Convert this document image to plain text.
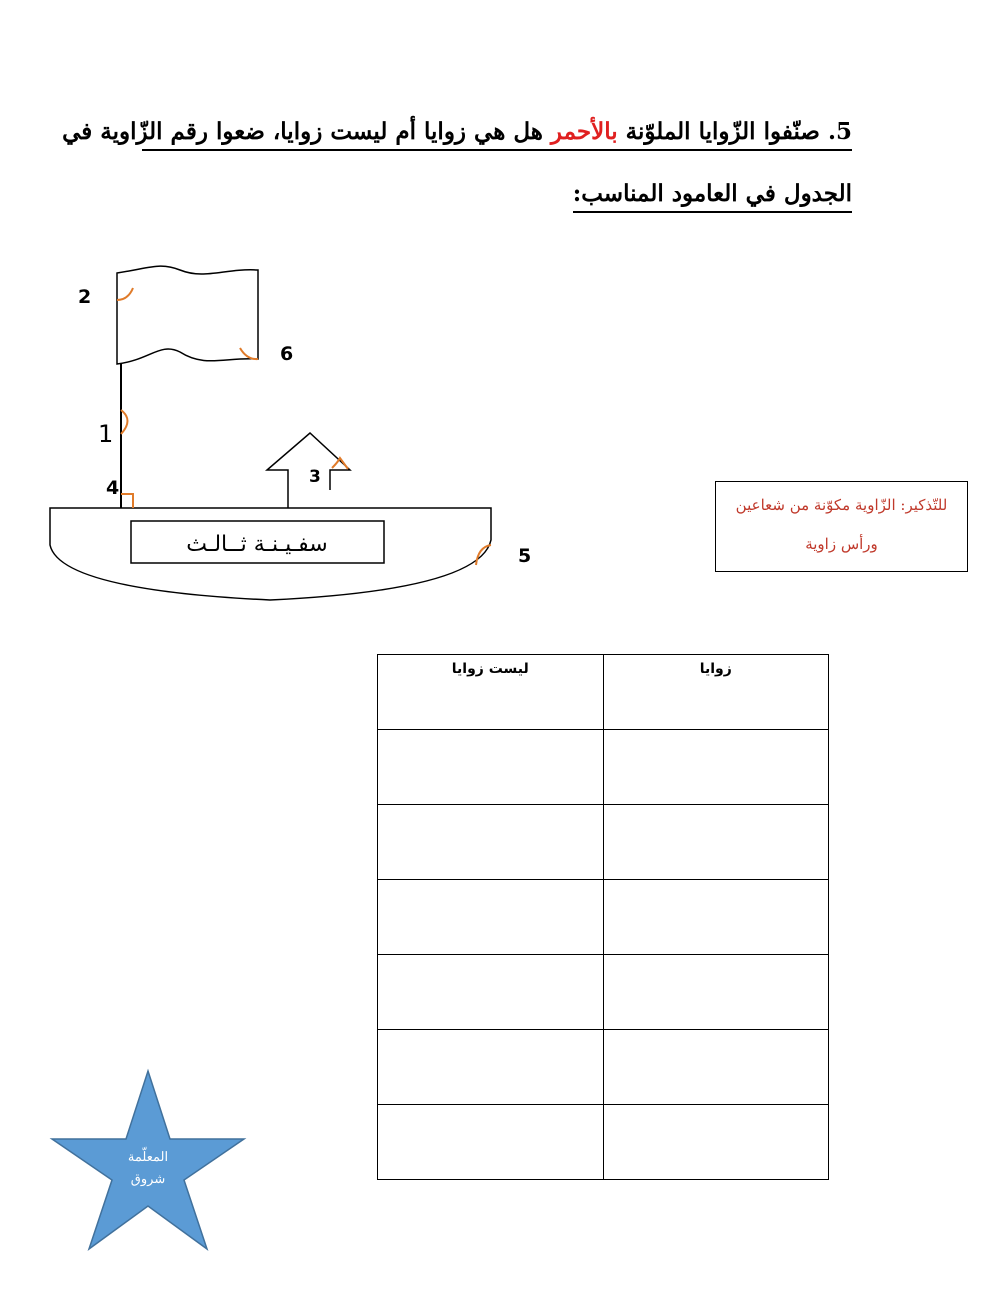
5. صنّفوا الزّوايا الملوّنة بالأحمر هل هي زوايا أم ليست زوايا، ضعوا رقم الزّاوية في
الجدول في العامود المناسب:
سفـيـنـة ثــالـث
2
6
1
4	3
5
المعلّمة
شروق
للتّذكير: الزّاوية مكوّنة من شعاعين
ورأس زاوية
زوايا	ليست زوايا
